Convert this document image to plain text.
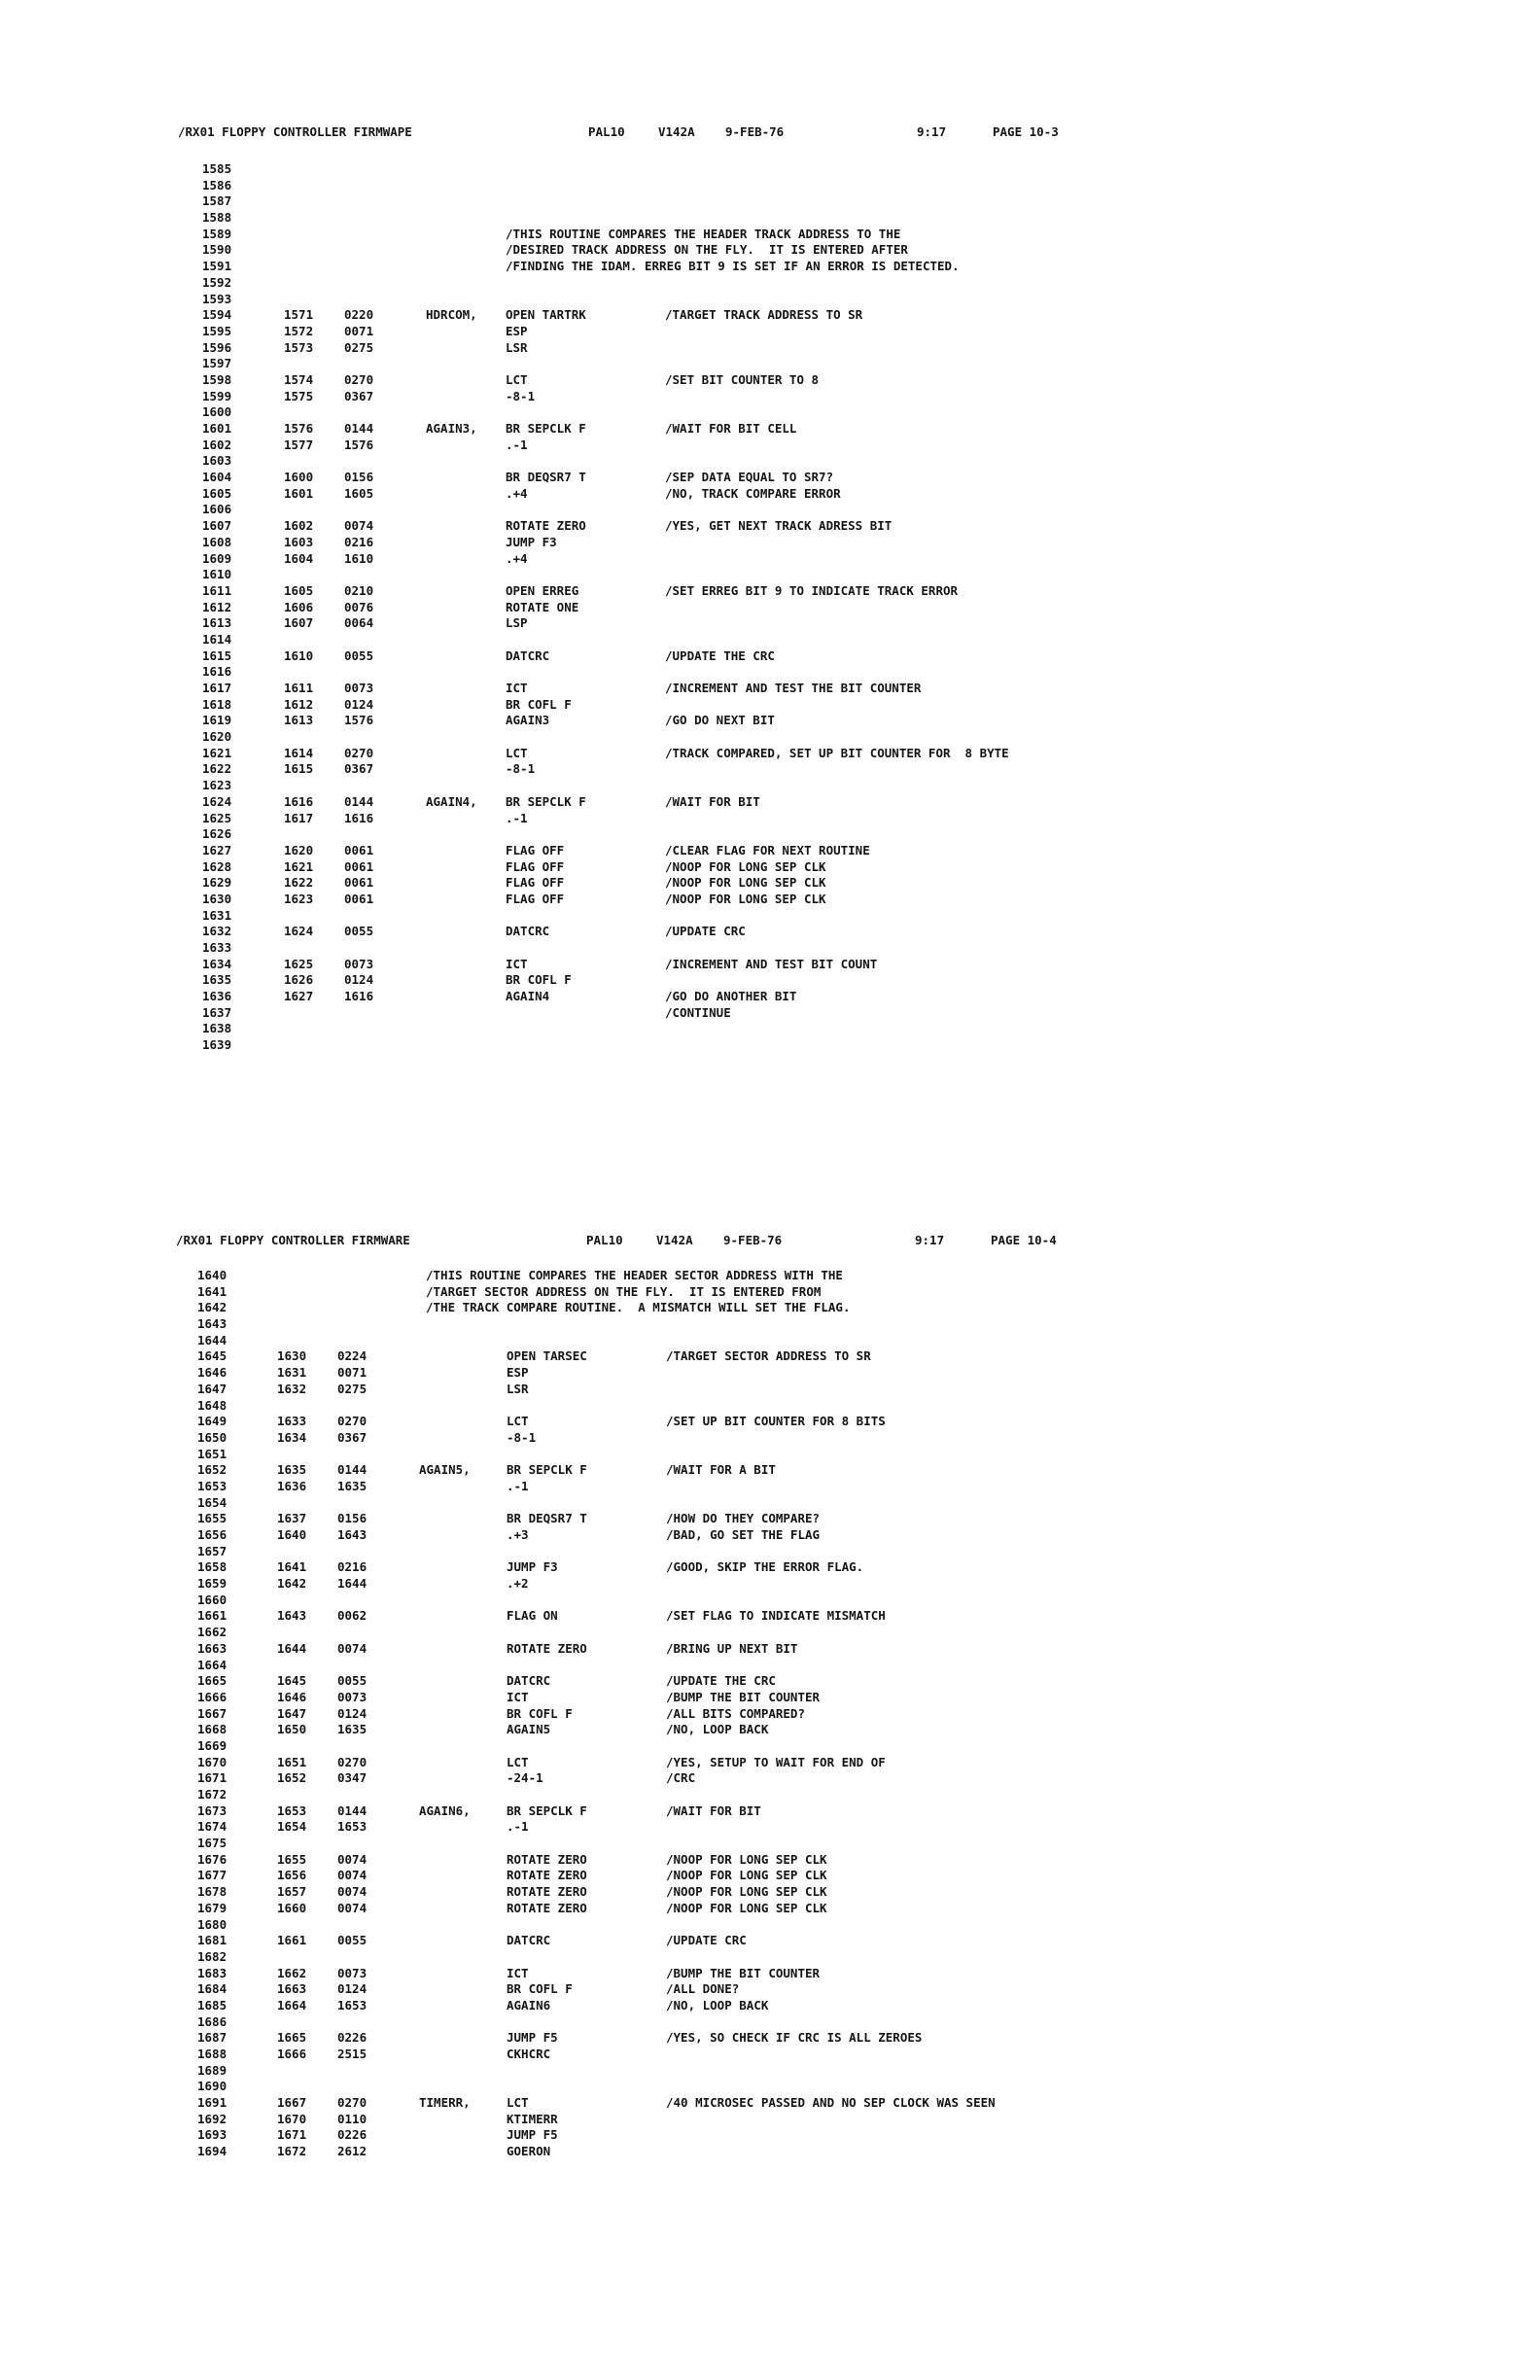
/RX01 FLOPPY CONTROLLER FIRMWAPE

	PAL10

	V142A

	9-FEB-76

	9:17

	PAGE 10-3

1585
1586
1587
1588
1589	/THIS ROUTINE COMPARES THE HEADER TRACK ADDRESS TO THE
1590	/DESIRED TRACK ADDRESS ON THE FLY.  IT IS ENTERED AFTER
1591	/FINDING THE IDAM. ERREG BIT 9 IS SET IF AN ERROR IS DETECTED.
1592
1593
1594	1571	0220	HDRCOM, OPEN TARTRK	/TARGET TRACK ADDRESS TO SR
1595	1572	0071	ESP
1596	1573	0275	LSR
1597
1598	1574	0270	LCT	/SET BIT COUNTER TO 8
1599	1575	0367	-8-1
1600
1601	1576	0144	AGAIN3, BR SEPCLK F	/WAIT FOR BIT CELL
1602	1577	1576	.-1
1603
1604	1600	0156	BR DEQSR7 T	/SEP DATA EQUAL TO SR7?
1605	1601	1605	.+4	/NO, TRACK COMPARE ERROR
1606
1607	1602	0074	ROTATE ZERO	/YES, GET NEXT TRACK ADRESS BIT
1608	1603	0216	JUMP F3
1609	1604	1610	.+4
1610
1611	1605	0210	OPEN ERREG	/SET ERREG BIT 9 TO INDICATE TRACK ERROR
1612	1606	0076	ROTATE ONE
1613	1607	0064	LSP
1614
1615	1610	0055	DATCRC	/UPDATE THE CRC
1616
1617	1611	0073	ICT	/INCREMENT AND TEST THE BIT COUNTER
1618	1612	0124	BR COFL F
1619	1613	1576	AGAIN3	/GO DO NEXT BIT
1620
1621	1614	0270	LCT	/TRACK COMPARED, SET UP BIT COUNTER FOR  8 BYTE
1622	1615	0367	-8-1
1623
1624	1616	0144	AGAIN4, BR SEPCLK F	/WAIT FOR BIT
1625	1617	1616	.-1
1626
1627	1620	0061	FLAG OFF	/CLEAR FLAG FOR NEXT ROUTINE
1628	1621	0061	FLAG OFF	/NOOP FOR LONG SEP CLK
1629	1622	0061	FLAG OFF	/NOOP FOR LONG SEP CLK
1630	1623	0061	FLAG OFF	/NOOP FOR LONG SEP CLK
1631
1632	1624	0055	DATCRC	/UPDATE CRC
1633
1634	1625	0073	ICT	/INCREMENT AND TEST BIT COUNT
1635	1626	0124	BR COFL F
1636	1627	1616	AGAIN4	/GO DO ANOTHER BIT
1637	/CONTINUE
1638
1639

/RX01 FLOPPY CONTROLLER FIRMWARE

	PAL10

	V142A

	9-FEB-76

	9:17

	PAGE 10-4

1640	/THIS ROUTINE COMPARES THE HEADER SECTOR ADDRESS WITH THE
1641	/TARGET SECTOR ADDRESS ON THE FLY.  IT IS ENTERED FROM
1642	/THE TRACK COMPARE ROUTINE.  A MISMATCH WILL SET THE FLAG.
1643
1644
1645	1630	0224	OPEN TARSEC	/TARGET SECTOR ADDRESS TO SR
1646	1631	0071	ESP
1647	1632	0275	LSR
1648
1649	1633	0270	LCT	/SET UP BIT COUNTER FOR 8 BITS
1650	1634	0367	-8-1
1651
1652	1635	0144	AGAIN5,	BR SEPCLK F	/WAIT FOR A BIT
1653	1636	1635	.-1
1654
1655	1637	0156	BR DEQSR7 T	/HOW DO THEY COMPARE?
1656	1640	1643	.+3	/BAD, GO SET THE FLAG
1657
1658	1641	0216	JUMP F3	/GOOD, SKIP THE ERROR FLAG.
1659	1642	1644	.+2
1660
1661	1643	0062	FLAG ON	/SET FLAG TO INDICATE MISMATCH
1662
1663	1644	0074	ROTATE ZERO	/BRING UP NEXT BIT
1664
1665	1645	0055	DATCRC	/UPDATE THE CRC
1666	1646	0073	ICT	/BUMP THE BIT COUNTER
1667	1647	0124	BR COFL F	/ALL BITS COMPARED?
1668	1650	1635	AGAIN5	/NO, LOOP BACK
1669
1670	1651	0270	LCT	/YES, SETUP TO WAIT FOR END OF
1671	1652	0347	-24-1	/CRC
1672
1673	1653	0144	AGAIN6,	BR SEPCLK F	/WAIT FOR BIT
1674	1654	1653	.-1
1675
1676	1655	0074	ROTATE ZERO	/NOOP FOR LONG SEP CLK
1677	1656	0074	ROTATE ZERO	/NOOP FOR LONG SEP CLK
1678	1657	0074	ROTATE ZERO	/NOOP FOR LONG SEP CLK
1679	1660	0074	ROTATE ZERO	/NOOP FOR LONG SEP CLK
1680
1681	1661	0055	DATCRC	/UPDATE CRC
1682
1683	1662	0073	ICT	/BUMP THE BIT COUNTER
1684	1663	0124	BR COFL F	/ALL DONE?
1685	1664	1653	AGAIN6	/NO, LOOP BACK
1686
1687	1665	0226	JUMP F5	/YES, SO CHECK IF CRC IS ALL ZEROES
1688	1666	2515	CKHCRC
1689
1690
1691	1667	0270	TIMERR,	LCT	/40 MICROSEC PASSED AND NO SEP CLOCK WAS SEEN
1692	1670	0110	KTIMERR
1693	1671	0226	JUMP F5
1694	1672	2612	GOERON
